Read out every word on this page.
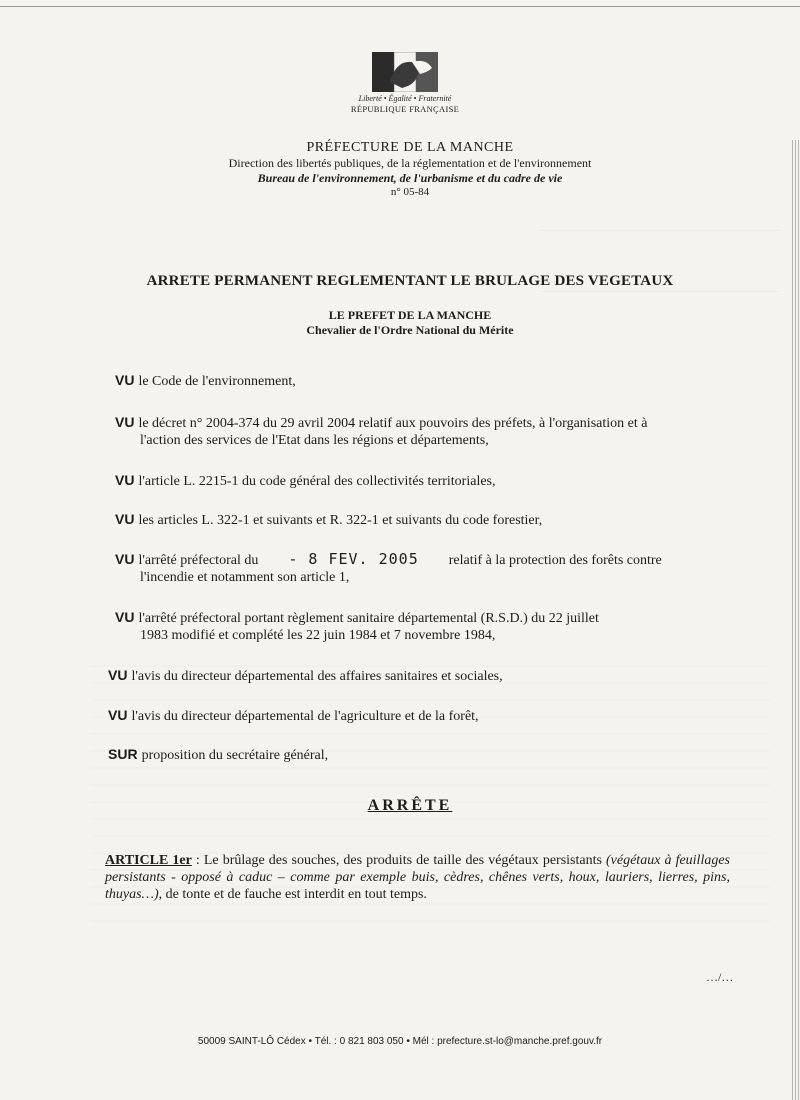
Liberté • Égalité • Fraternité
RÉPUBLIQUE FRANÇAISE
PRÉFECTURE DE LA MANCHE
Direction des libertés publiques, de la réglementation et de l'environnement
Bureau de l'environnement, de l'urbanisme et du cadre de vie
n° 05-84
ARRETE PERMANENT REGLEMENTANT LE BRULAGE DES VEGETAUX
LE PREFET DE LA MANCHE
Chevalier de l'Ordre National du Mérite
VU le Code de l'environnement,
VU le décret n° 2004-374 du 29 avril 2004 relatif aux pouvoirs des préfets, à l'organisation et à
l'action des services de l'Etat dans les régions et départements,
VU l'article L. 2215-1 du code général des collectivités territoriales,
VU les articles L. 322-1 et suivants et R. 322-1 et suivants du code forestier,
VU l'arrêté préfectoral du - 8 FEV. 2005 relatif à la protection des forêts contre
l'incendie et notamment son article 1,
VU l'arrêté préfectoral portant règlement sanitaire départemental (R.S.D.) du 22 juillet
1983 modifié et complété les 22 juin 1984 et 7 novembre 1984,
VU l'avis du directeur départemental des affaires sanitaires et sociales,
VU l'avis du directeur départemental de l'agriculture et de la forêt,
SUR proposition du secrétaire général,
ARRÊTE
ARTICLE 1er : Le brûlage des souches, des produits de taille des végétaux persistants (végétaux à feuillages persistants - opposé à caduc – comme par exemple buis, cèdres, chênes verts, houx, lauriers, lierres, pins, thuyas…), de tonte et de fauche est interdit en tout temps.
…/…
50009 SAINT-LÔ Cédex • Tél. : 0 821 803 050 • Mél : prefecture.st-lo@manche.pref.gouv.fr
